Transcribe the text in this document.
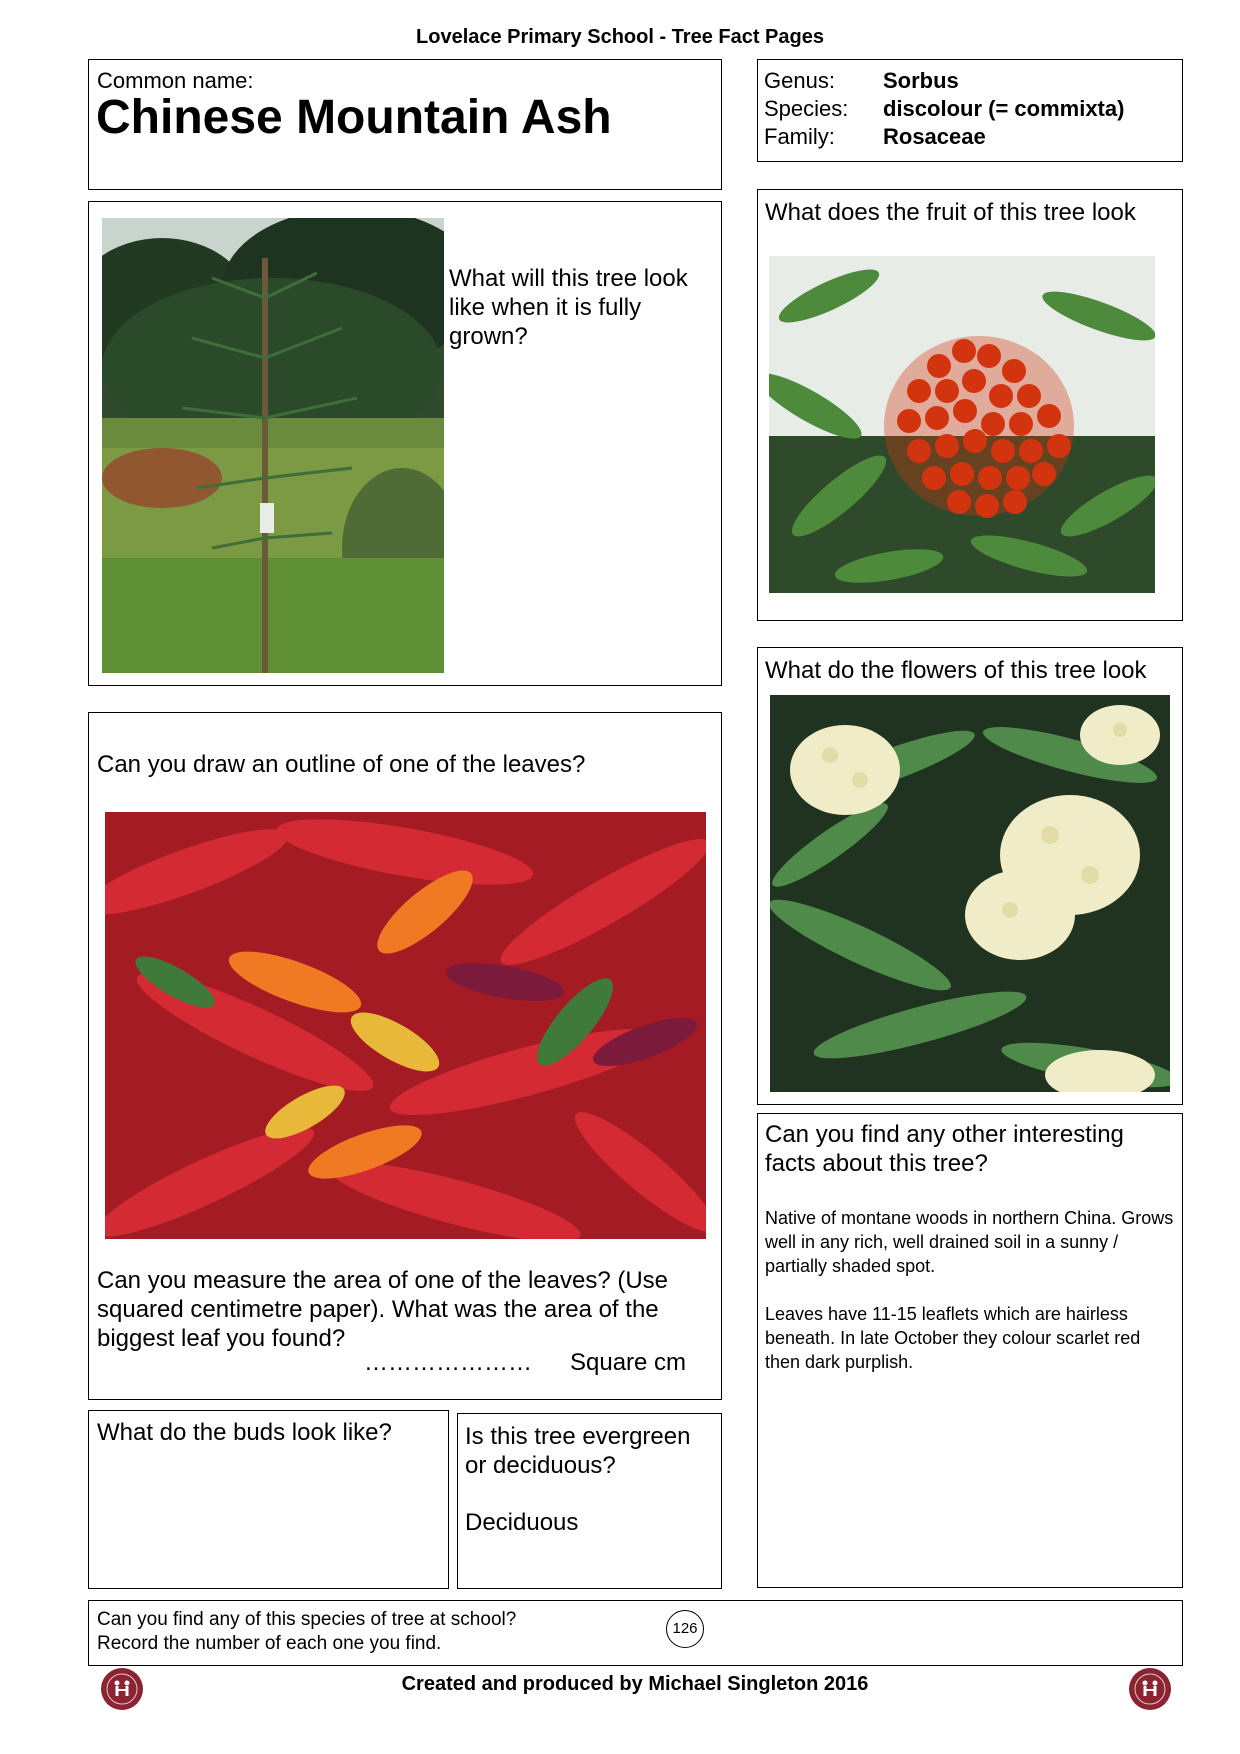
Lovelace Primary School - Tree Fact Pages
Common name:
Chinese Mountain Ash
Genus: Sorbus
Species: discolour (= commixta)
Family: Rosaceae
What will this tree look like when it is fully grown?
What does the fruit of this tree look
What do the flowers of this tree look
Can you draw an outline of one of the leaves?
Can you measure the area of one of the leaves? (Use squared centimetre paper). What was the area of the biggest leaf you found?
………………… Square cm
Can you find any other interesting facts about this tree?
Native of montane woods in northern China. Grows well in any rich, well drained soil in a sunny / partially shaded spot.
Leaves have 11-15 leaflets which are hairless beneath. In late October they colour scarlet red then dark purplish.
What do the buds look like?	Is this tree evergreen or deciduous?
Deciduous
Can you find any of this species of tree at school?
Record the number of each one you find.
126
Created and produced by Michael Singleton 2016
